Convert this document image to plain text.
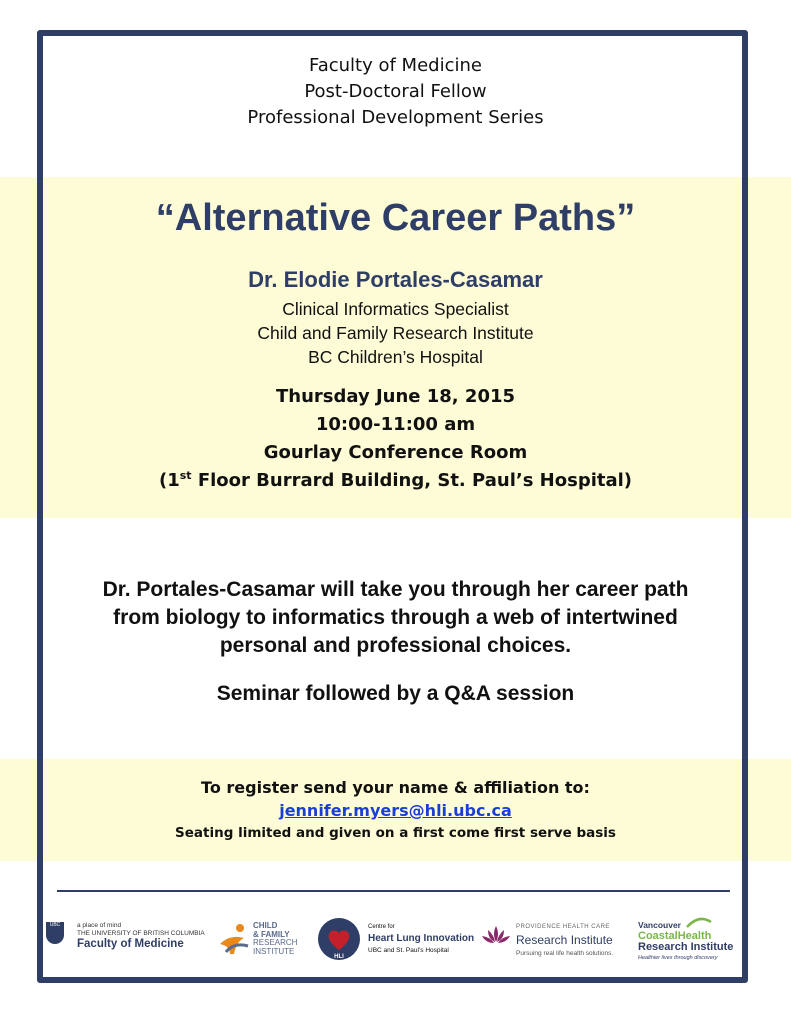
Faculty of Medicine
Post-Doctoral Fellow
Professional Development Series
“Alternative Career Paths”
Dr. Elodie Portales-Casamar
Clinical Informatics Specialist
Child and Family Research Institute
BC Children’s Hospital
Thursday June 18, 2015
10:00-11:00 am
Gourlay Conference Room
(1st Floor Burrard Building, St. Paul’s Hospital)
Dr. Portales-Casamar will take you through her career path
from biology to informatics through a web of intertwined
personal and professional choices.
Seminar followed by a Q&A session
To register send your name & affiliation to:
jennifer.myers@hli.ubc.ca
Seating limited and given on a first come first serve basis
UBC	a place of mind
THE UNIVERSITY OF BRITISH COLUMBIA
Faculty of Medicine
CHILD
& FAMILY
RESEARCH
INSTITUTE
HLI
Centre for
Heart Lung Innovation
UBC and St. Paul’s Hospital
PROVIDENCE HEALTH CARE
Research Institute
Pursuing real life health solutions.
Vancouver
CoastalHealth
Research Institute
Healthier lives through discovery
